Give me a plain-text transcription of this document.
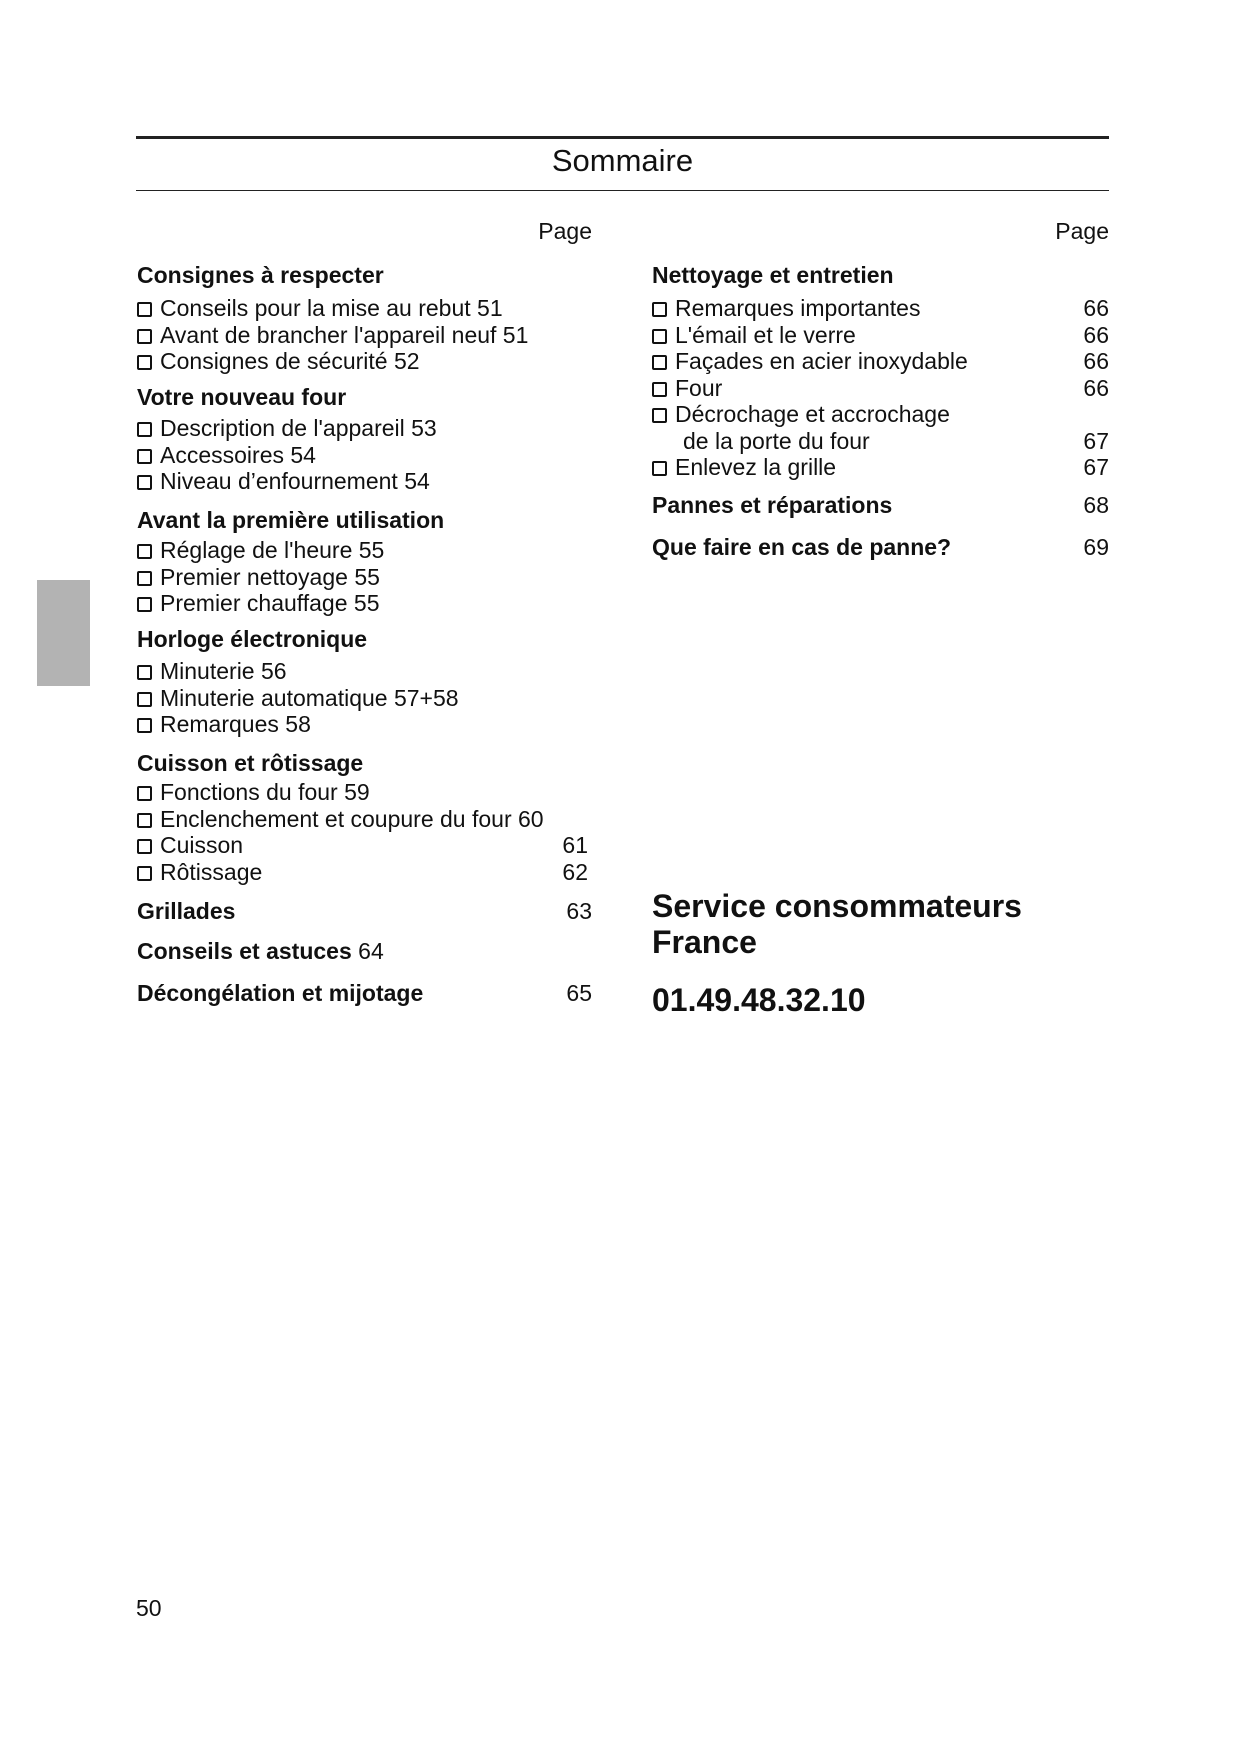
Sommaire
Page
Consignes à respecter
Conseils pour la mise au rebut 51
Avant de brancher l'appareil neuf 51
Consignes de sécurité 52
Votre nouveau four
Description de l'appareil 53
Accessoires 54
Niveau d’enfournement 54
Avant la première utilisation
Réglage de l'heure 55
Premier nettoyage 55
Premier chauffage 55
Horloge électronique
Minuterie 56
Minuterie automatique 57+58
Remarques 58
Cuisson et rôtissage
Fonctions du four 59
Enclenchement et coupure du four 60
Cuisson	61
Rôtissage	62
Grillades	63
Conseils et astuces 64
Décongélation et mijotage	65
Page
Nettoyage et entretien
Remarques importantes	66
L'émail et le verre	66
Façades en acier inoxydable	66
Four	66
Décrochage et accrochage
de la porte du four	67
Enlevez la grille	67
Pannes et réparations	68
Que faire en cas de panne?	69
Service consommateurs
France
01.49.48.32.10
50
